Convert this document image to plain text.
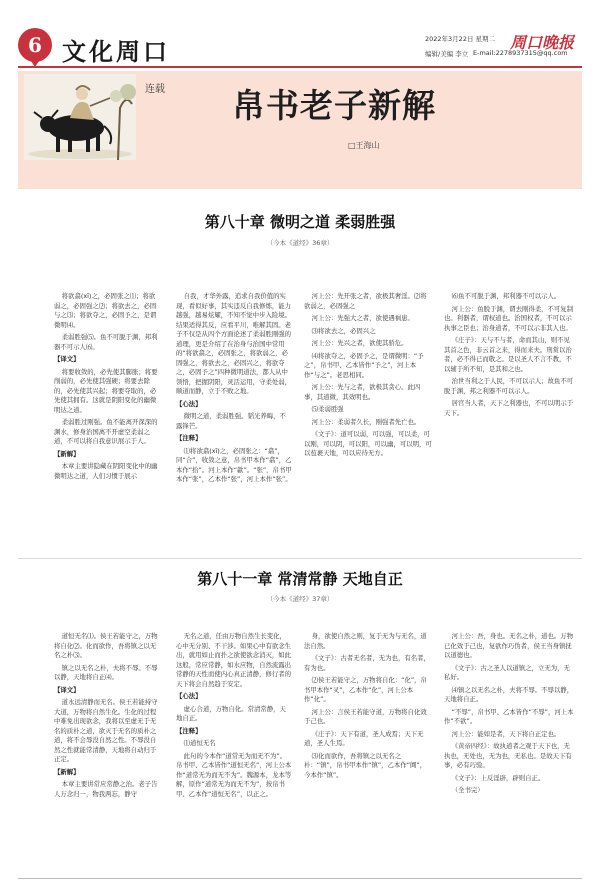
6 文化周口	2022年3月22日 星期二
编辑/美编 李立 E-mail:2278937315@qq.com
周口晚报
连载 帛书老子新解
□王海山
第八十章 微明之道 柔弱胜强
（今本《道经》36章）

将欲翕(xī)之，必固张之⑴；将欲弱之，必固强之⑵；将欲去之，必固与之⑶；将欲夺之，必固予之，是谓微明⑷。

柔弱胜强⑸。鱼不可脱于渊，邦利器不可示人⑹。

【译文】

将要收敛的，必先使其膨胀；将要削弱的，必先使其强硬；将要去除的，必先使其兴起；将要夺取的，必先使其拥有。这就是阴阳变化的幽微明达之道。

柔弱胜过刚强。鱼不能离开深深的渊水，修身治国离不开虚空柔弱之道，不可以将自我意识展示于人。

【新解】

本章主要讲隐藏在阴阳变化中的幽微明达之道，人们习惯于展示

自我，才华外露，追求自我价值的实现，看似好事，其实违反自我修炼，能力越强，越易炫耀，不知不觉中步入险境。结果适得其反，应看平川，唯解其固。老子不仅是从四个方面论述了柔弱胜刚强的道理，更是介绍了在治身与治国中常用的“将欲翕之，必固张之，将欲弱之，必固强之，将欲去之，必固兴之，将欲夺之，必固予之”四种微明道法，都人从中领悟，把握阴阳，灵活运用，守柔处弱，顺道而静，立于不败之地。

【心法】

微明之道，柔弱胜强。韬光养晦，不露锋芒。

【注释】

⑴将欲翕(xī)之，必固张之：“翕”，同“合”，收敛之意，帛书甲本作“翕”，乙本作“拾”。河上本作“歙”。“张”，帛书甲本作“张”，乙本作“张”，河上本作“张”。

河上公：先开张之者，欲极其奢淫。⑵将欲弱之，必固强之

河上公：先强大之者，欲使遇祸患。

⑶将欲去之，必固兴之

河上公：先兴之者，欲使其骄危。

⑷将欲夺之，必固予之，是谓微明：“予之”，帛书甲、乙本皆作“予之”，河上本作“与之”。老思相同。

河上公：先与之者，欲极其贪心。此四事，其道微，其效明也。

⑸柔弱胜强

河上公：柔弱者久长，刚强者先亡也。

《文子》：道可以弱，可以强，可以柔，可以刚，可以阴，可以阳，可以幽，可以明，可以苞裹天地，可以应待无方。

⑹鱼不可脱于渊，邦利器不可以示人。

河上公：鱼脱于渊，谓去刚得柔，不可复制也。利器者，谓权道也。治国权者，不可以示执事之臣也；治身道者，不可以示非其人也。

《庄子》：天与不与者，命而其山，则不见其首之色，非云首之来，得而来夫。刑赏以治者，必不得已而敬之。是以圣人不言不教，不以辅于所不知，是其和之也。

治世当利之于人民，不可以示人；故鱼不可脱于渊，邦之利器不可以示人。

居官当人者，天下之利器也，不可以明示于天下。

第八十一章 常清常静 天地自正
（今本《道经》37章）

道恒无名⑴。侯王若能守之，万物将自化⑵。化而欲作，吾将镇之以无名之朴⑶。

镇之以无名之朴，夫将不辱。不辱以静，天地将自正⑷。

【译文】

道永远清静而无名。侯王若能持守大道，万物将自然生化。生化的过程中难免出现欲念，我将以至虚无于无名的质朴之道，欲灭于无名的质朴之道，将不会辱没自然之性。不辱没自然之性就能常清静，天地将自动归于正定。

【新解】

本章主要讲常应常静之治。老子告人万念归一，物我两忘，静守

无名之道，任由万物自然生长变化，心中无分别、不干涉。如果心中有欲念生出，就用如止而扑之欲使欲念消灭，如此这般，常应常静，如水应物，自然流露出常静的天性而使内心真正清静，修行者的天下将会自然趋于安定。

【心法】

虚心合道，万物自化。常清常静，天地自正。

【注释】

⑴道恒无名

此句的今本作“道常无为而无不为”。帛书甲、乙本皆作“道恒无名”，河上公本作“道常无为而无不为”。魏源本，龙本等解，原作“道常无为而无不为”，按帛书甲、乙本作“道恒无名”，以正之。

身，欲使自然之则，复于无为与无名，道法自然。

《文子》：古者无名者，无为也，有名者，有为也。

⑵侯王若能守之，万物将自化：“化”，帛书甲本作“㕚”，乙本作“化”，河上公本作“化”。

河上公：言侯王若能守道，万物将自化效于己也。

《庄子》：天下有道，圣人成焉；天下无道，圣人生焉。

⑶化而欲作，吾将镇之以无名之朴：“镇”，帛书甲本作“镇”，乙本作“阗”，今本作“镇”。

河上公：吾，身也。无名之朴，道也。万物已化效于己也，复欲作巧伪者，侯王当身镇抚以道德也。

《文子》：古之圣人以道镇之，立无为，无私好。

⑷镇之以无名之朴，夫将不辱。不辱以静，天地将自正。

“不辱”，帛书甲、乙本皆作“不辱”，河上本作“不欲”。

河上公：能如是者，天下将自正定也。

《黄帝四经》：故执道者之观于天下也，无执也，无处也，无为也，无私也。是故天下有事，必有巧验。

《文子》：上反淫辟，辟则自正。

（全书完）
